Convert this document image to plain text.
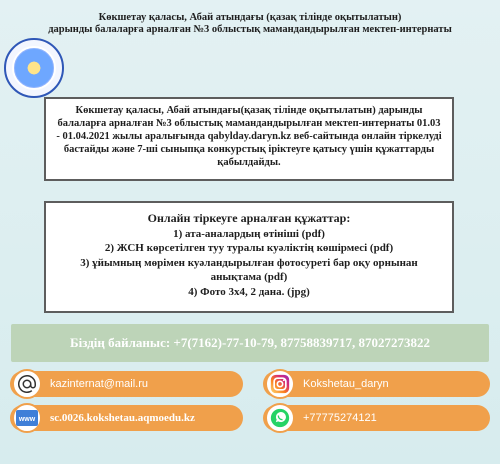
Көкшетау қаласы, Абай атындағы (қазақ тілінде оқытылатын)
дарынды балаларға арналған №3 облыстық мамандандырылған мектеп-интернаты
Көкшетау қаласы, Абай атындағы(қазақ тілінде оқытылатын) дарынды балаларға арналған №3 облыстық мамандандырылған мектеп-интернаты 01.03 - 01.04.2021 жылы аралығында qabylday.daryn.kz веб-сайтында онлайн тіркелуді бастайды және 7-ші сыныпқа конкурстық іріктеуге қатысу үшін құжаттарды қабылдайды.
Онлайн тіркеуге арналған құжаттар:
1) ата-аналардың өтініші (pdf)
2) ЖСН көрсетілген туу туралы куәліктің көшірмесі (pdf)
3) ұйымның мөрімен куәландырылған фотосуреті бар оқу орнынан анықтама (pdf)
4) Фото 3х4, 2 дана. (jpg)
Біздің байланыс: +7(7162)-77-10-79, 87758839717, 87027273822
kazinternat@mail.ru	Kokshetau_daryn
www sc.0026.kokshetau.aqmoedu.kz	+77775274121
